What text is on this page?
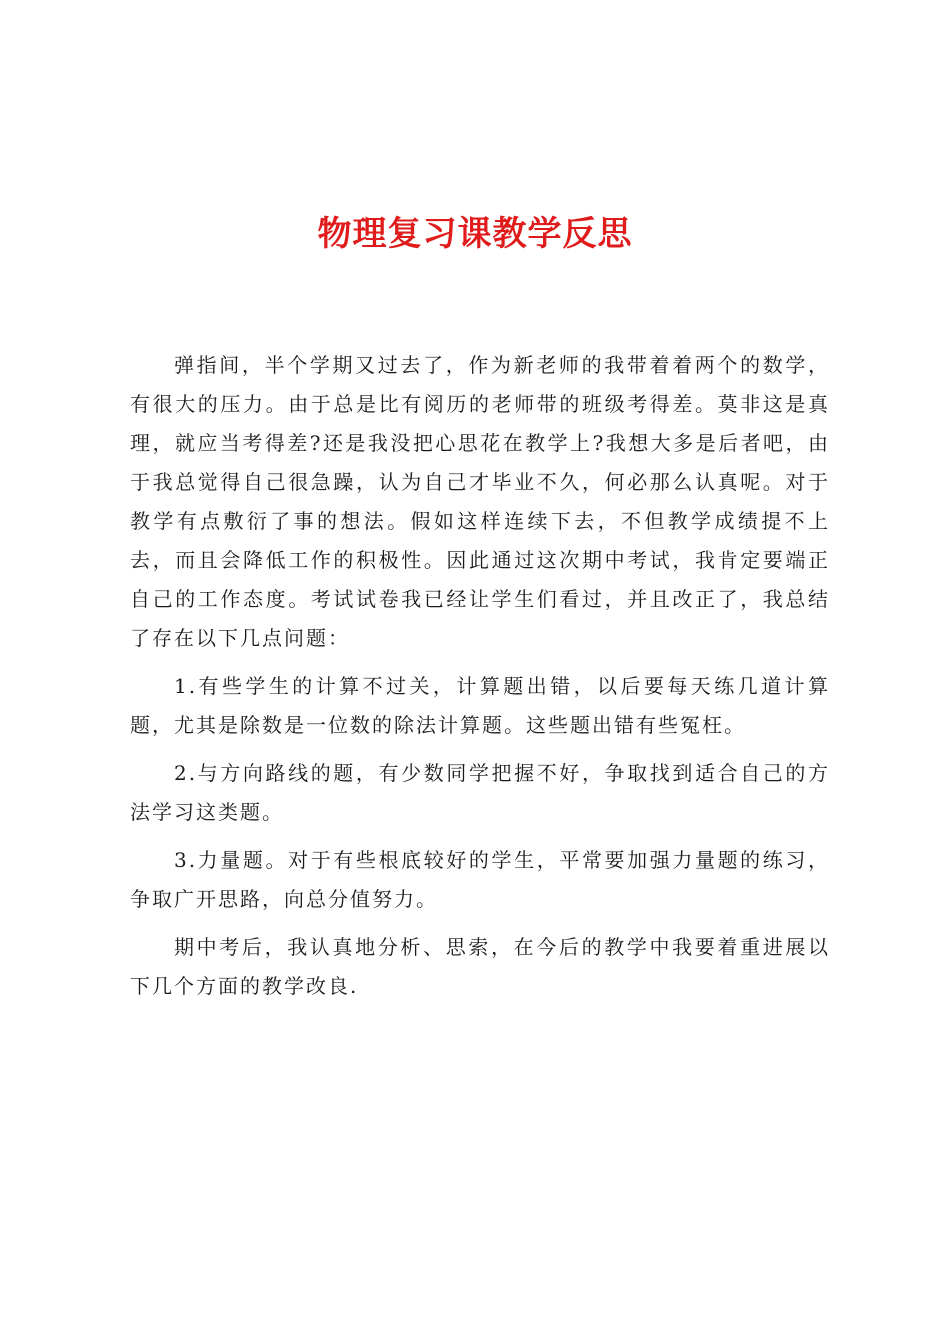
物理复习课教学反思

弹指间，半个学期又过去了，作为新老师的我带着着两个的数学，有很大的压力。由于总是比有阅历的老师带的班级考得差。莫非这是真理，就应当考得差?还是我没把心思花在教学上?我想大多是后者吧，由于我总觉得自己很急躁，认为自己才毕业不久，何必那么认真呢。对于教学有点敷衍了事的想法。假如这样连续下去，不但教学成绩提不上去，而且会降低工作的积极性。因此通过这次期中考试，我肯定要端正自己的工作态度。考试试卷我已经让学生们看过，并且改正了，我总结了存在以下几点问题：

1.有些学生的计算不过关，计算题出错，以后要每天练几道计算题，尤其是除数是一位数的除法计算题。这些题出错有些冤枉。

2.与方向路线的题，有少数同学把握不好，争取找到适合自己的方法学习这类题。

3.力量题。对于有些根底较好的学生，平常要加强力量题的练习，争取广开思路，向总分值努力。

期中考后，我认真地分析、思索，在今后的教学中我要着重进展以下几个方面的教学改良.
